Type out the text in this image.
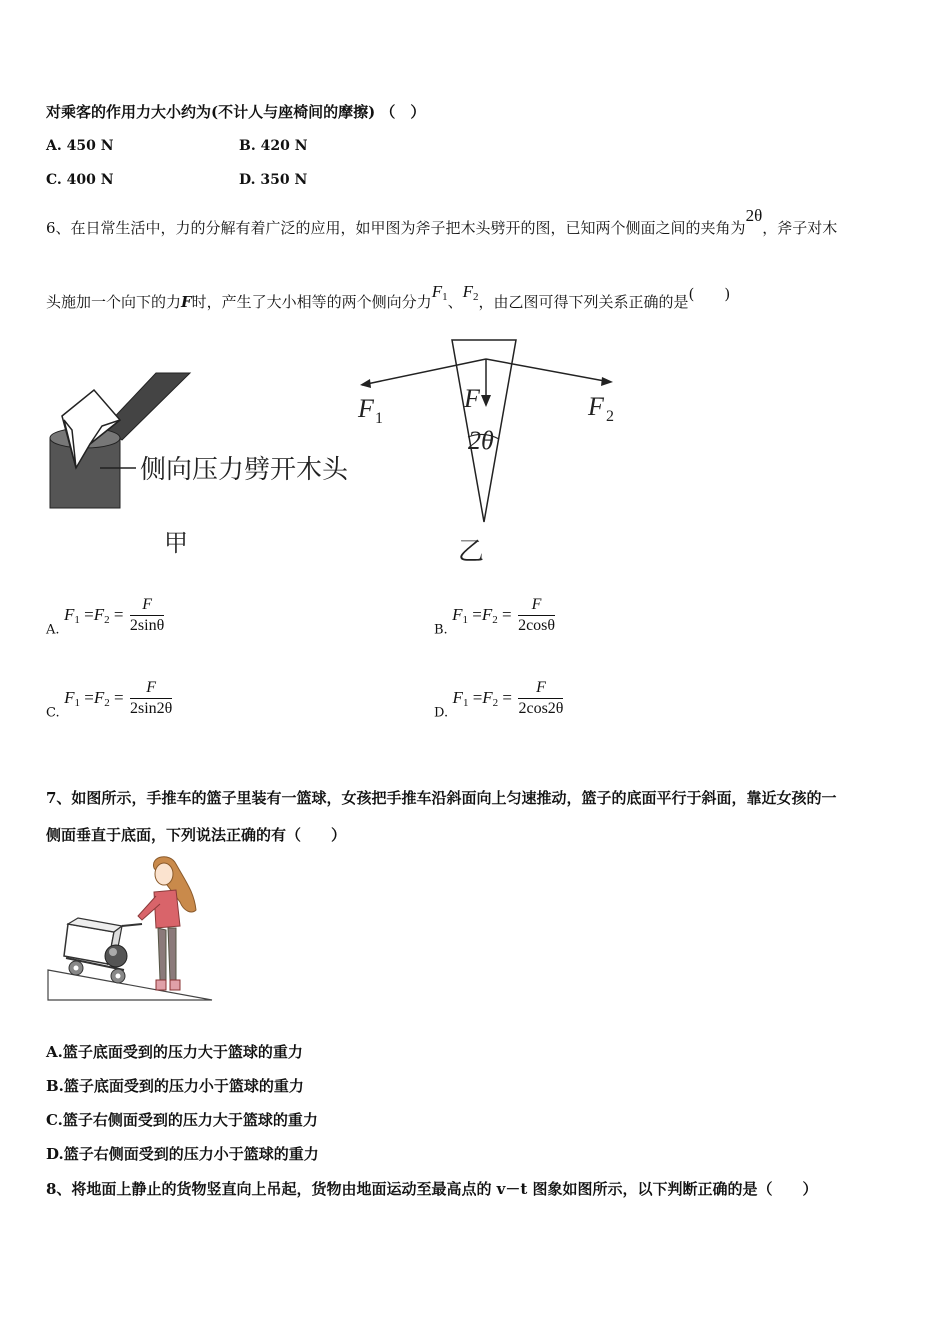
对乘客的作用力大小约为(不计人与座椅间的摩擦) （　）
A. 450 N	B. 420 N
C. 400 N	D. 350 N
6、在日常生活中，力的分解有着广泛的应用，如甲图为斧子把木头劈开的图，已知两个侧面之间的夹角为2θ，斧子对木
头施加一个向下的力F时，产生了大小相等的两个侧向分力$F_1$、$F_2$，由乙图可得下列关系正确的是(　　)
侧向压力劈开木头
甲
F 1
F
2θ
F 2
乙
A. $F_1 =F_2 = \frac{F}{2\sin\theta}$	B. $F_1 =F_2 = \frac{F}{2\cos\theta}$
C. $F_1 =F_2 = \frac{F}{2\sin 2\theta}$	D. $F_1 =F_2 = \frac{F}{2\cos 2\theta}$
7、如图所示，手推车的篮子里装有一篮球，女孩把手推车沿斜面向上匀速推动，篮子的底面平行于斜面，靠近女孩的一
侧面垂直于底面，下列说法正确的有（　　）
A.篮子底面受到的压力大于篮球的重力
B.篮子底面受到的压力小于篮球的重力
C.篮子右侧面受到的压力大于篮球的重力
D.篮子右侧面受到的压力小于篮球的重力
8、将地面上静止的货物竖直向上吊起，货物由地面运动至最高点的 v－t 图象如图所示，以下判断正确的是（　　）
